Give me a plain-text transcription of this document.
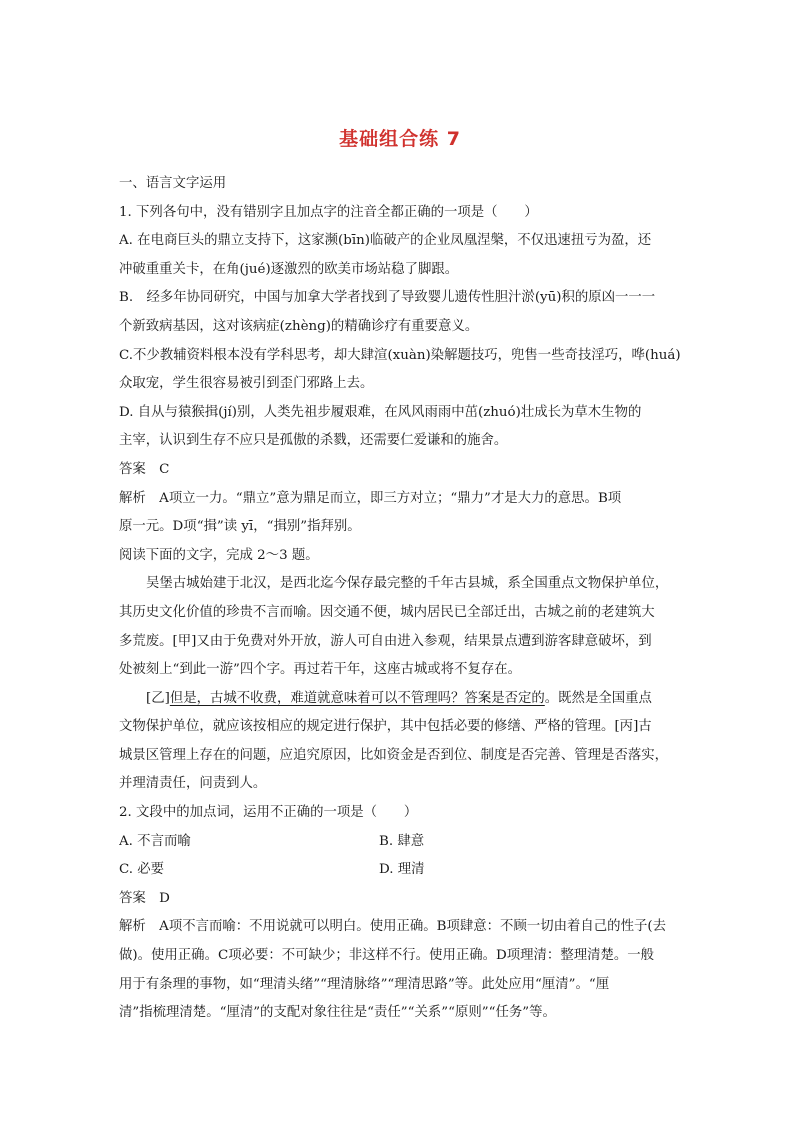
基础组合练 7
一、语言文字运用
1. 下列各句中，没有错别字且加点字的注音全都正确的一项是（　　）
A. 在电商巨头的鼎立支持下，这家濒(bīn)临破产的企业凤凰涅槃，不仅迅速扭亏为盈，还
冲破重重关卡，在角(jué)逐激烈的欧美市场站稳了脚跟。
B.　经多年协同研究，中国与加拿大学者找到了导致婴儿遗传性胆汁淤(yū)积的原凶一一一
个新致病基因，这对该病症(zhèng)的精确诊疗有重要意义。
C.不少教辅资料根本没有学科思考，却大肆渲(xuàn)染解题技巧，兜售一些奇技淫巧，哗(huá)
众取宠，学生很容易被引到歪门邪路上去。
D. 自从与猿猴揖(jí)别，人类先祖步履艰难，在风风雨雨中茁(zhuó)壮成长为草木生物的
主宰，认识到生存不应只是孤傲的杀戮，还需要仁爱谦和的施舍。
答案　C
解析　A项立一力。“鼎立”意为鼎足而立，即三方对立；“鼎力”才是大力的意思。B项
原一元。D项“揖”读 yī，“揖别”指拜别。
阅读下面的文字，完成 2～3 题。
吴堡古城始建于北汉，是西北迄今保存最完整的千年古县城，系全国重点文物保护单位，
其历史文化价值的珍贵不言而喻。因交通不便，城内居民已全部迁出，古城之前的老建筑大
多荒废。[甲]又由于免费对外开放，游人可自由进入参观，结果景点遭到游客肆意破坏，到
处被刻上“到此一游”四个字。再过若干年，这座古城或将不复存在。
[乙]但是，古城不收费，难道就意味着可以不管理吗？答案是否定的。既然是全国重点
文物保护单位，就应该按相应的规定进行保护，其中包括必要的修缮、严格的管理。[丙]古
城景区管理上存在的问题，应追究原因，比如资金是否到位、制度是否完善、管理是否落实，
并理清责任，问责到人。
2. 文段中的加点词，运用不正确的一项是（　　）
A. 不言而喻	B. 肆意
C. 必要	D. 理清
答案　D
解析　A项不言而喻：不用说就可以明白。使用正确。B项肆意：不顾一切由着自己的性子(去
做)。使用正确。C项必要：不可缺少；非这样不行。使用正确。D项理清：整理清楚。一般
用于有条理的事物，如“理清头绪”“理清脉络”“理清思路”等。此处应用“厘清”。“厘
清”指梳理清楚。“厘清”的支配对象往往是“责任”“关系”“原则”“任务”等。
